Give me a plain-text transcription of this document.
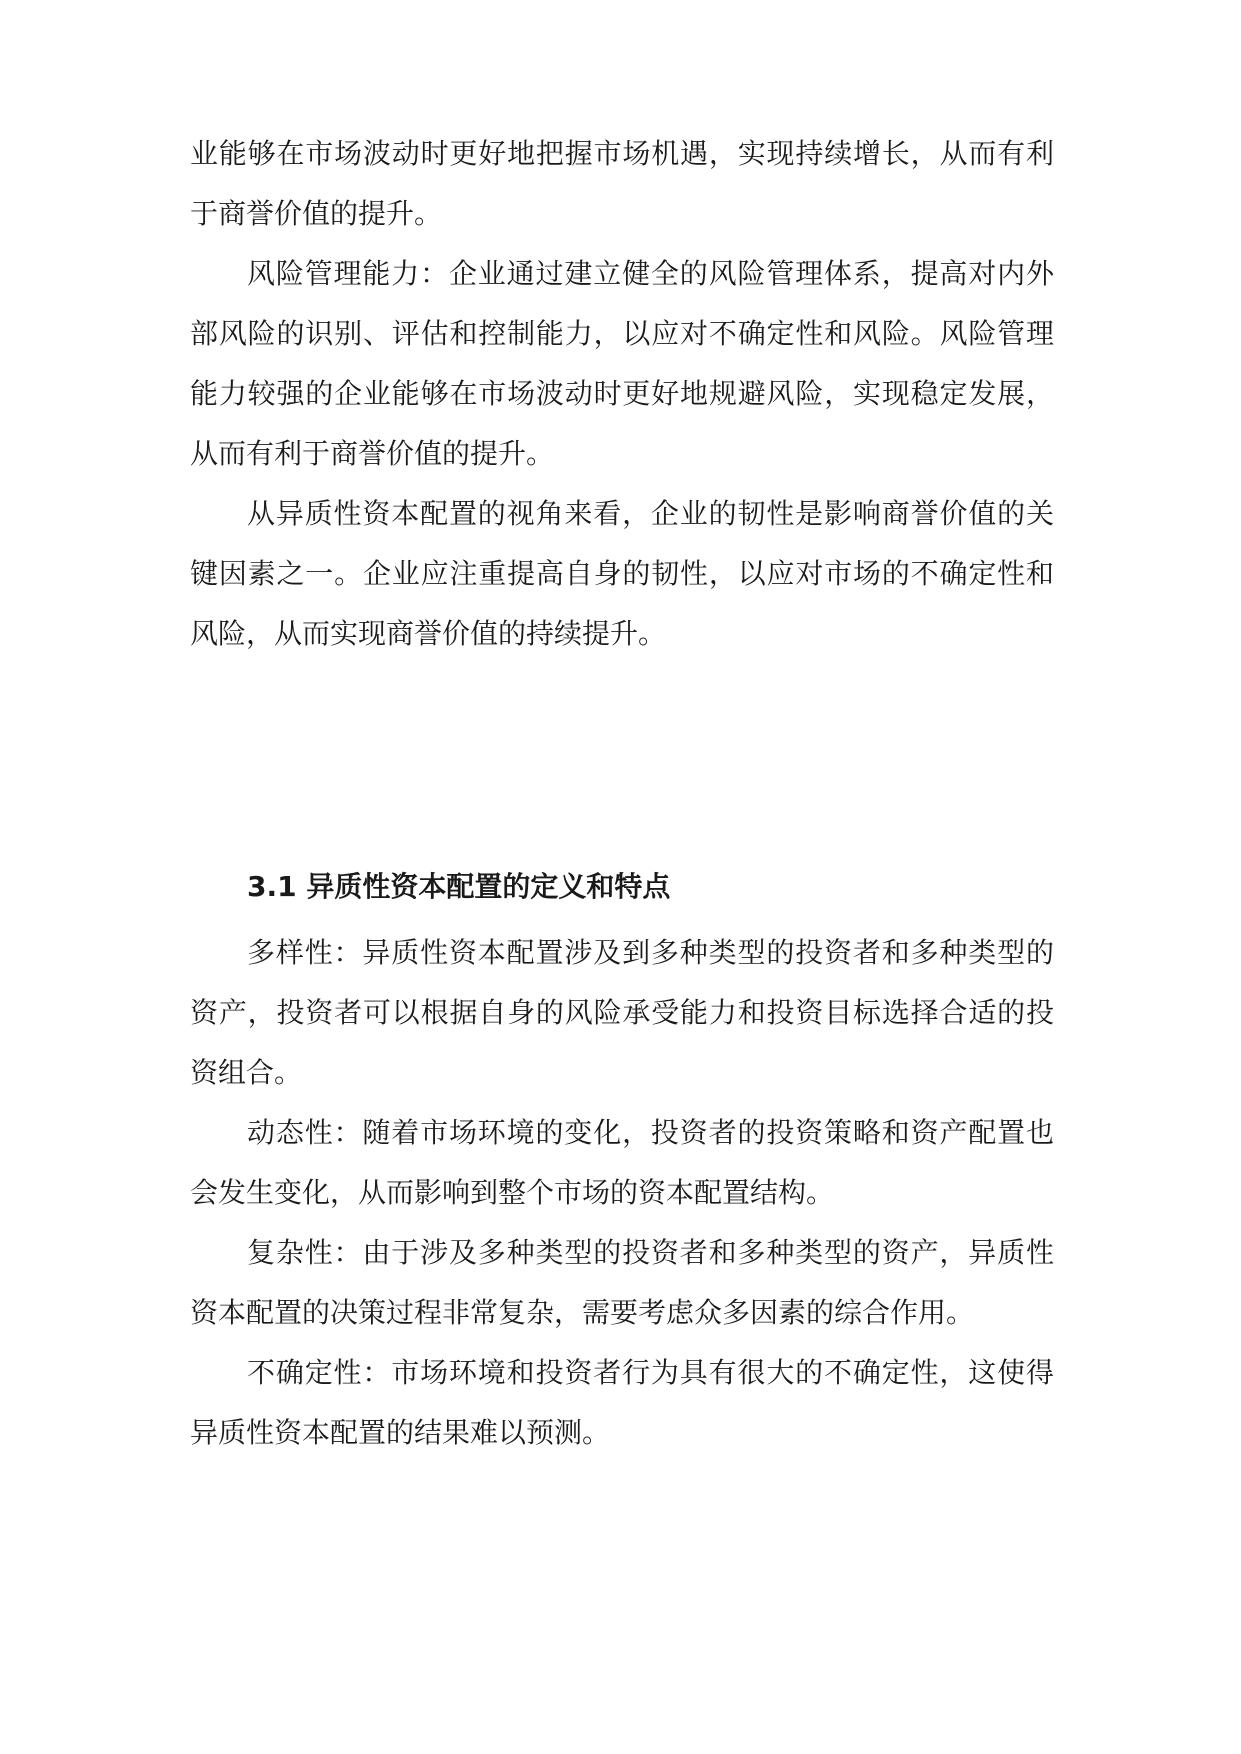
业能够在市场波动时更好地把握市场机遇，实现持续增长，从而有利于商誉价值的提升。

风险管理能力：企业通过建立健全的风险管理体系，提高对内外部风险的识别、评估和控制能力，以应对不确定性和风险。风险管理能力较强的企业能够在市场波动时更好地规避风险，实现稳定发展，从而有利于商誉价值的提升。

从异质性资本配置的视角来看，企业的韧性是影响商誉价值的关键因素之一。企业应注重提高自身的韧性，以应对市场的不确定性和风险，从而实现商誉价值的持续提升。

3.1 异质性资本配置的定义和特点

多样性：异质性资本配置涉及到多种类型的投资者和多种类型的资产，投资者可以根据自身的风险承受能力和投资目标选择合适的投资组合。

动态性：随着市场环境的变化，投资者的投资策略和资产配置也会发生变化，从而影响到整个市场的资本配置结构。

复杂性：由于涉及多种类型的投资者和多种类型的资产，异质性资本配置的决策过程非常复杂，需要考虑众多因素的综合作用。

不确定性：市场环境和投资者行为具有很大的不确定性，这使得异质性资本配置的结果难以预测。
